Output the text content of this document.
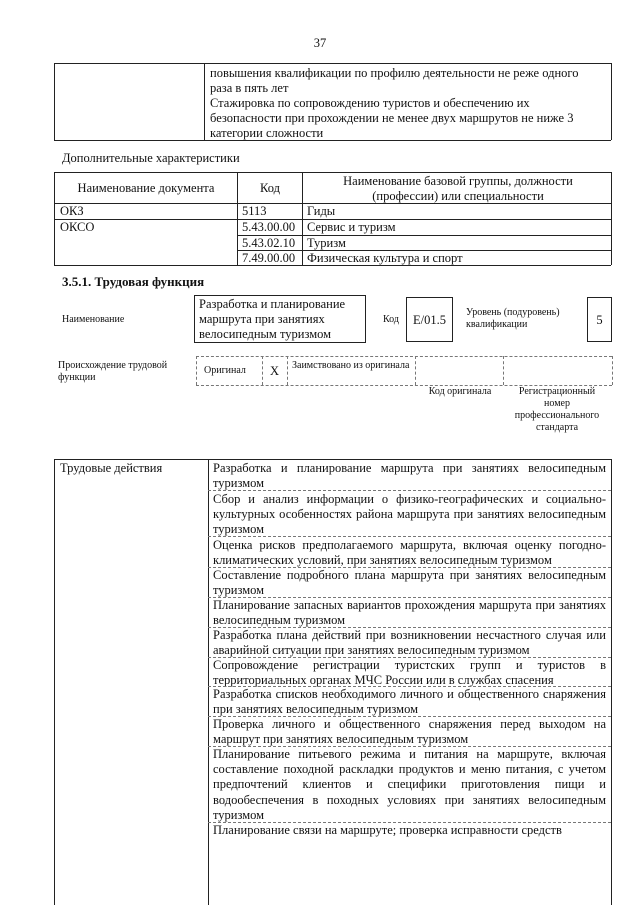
37
повышения квалификации по профилю деятельности не реже одного
раза в пять лет
Стажировка по сопровождению туристов и обеспечению их
безопасности при прохождении не менее двух маршрутов не ниже 3
категории сложности
Дополнительные характеристики
Наименование документа	Код	Наименование базовой группы, должности (профессии) или специальности
ОКЗ	5113	Гиды
ОКСО	5.43.00.00 Сервис и туризм
5.43.02.10 Туризм
7.49.00.00 Физическая культура и спорт
3.5.1. Трудовая функция
Наименование
Разработка и планирование маршрута при занятиях велосипедным туризмом
Код	E/01.5
Уровень (подуровень) квалификации	5
Происхождение трудовой функции
Оригинал X Заимствовано из оригинала
Код оригинала	Регистрационный номер профессионального стандарта
Трудовые действия	Разработка и планирование маршрута при занятиях велосипедным туризмом
Сбор и анализ информации о физико-географических и социально-культурных особенностях района маршрута при занятиях велосипедным туризмом
Оценка рисков предполагаемого маршрута, включая оценку погодно-климатических условий, при занятиях велосипедным туризмом
Составление подробного плана маршрута при занятиях велосипедным туризмом
Планирование запасных вариантов прохождения маршрута при занятиях велосипедным туризмом
Разработка плана действий при возникновении несчастного случая или аварийной ситуации при занятиях велосипедным туризмом
Сопровождение регистрации туристских групп и туристов в территориальных органах МЧС России или в службах спасения
Разработка списков необходимого личного и общественного снаряжения при занятиях велосипедным туризмом
Проверка личного и общественного снаряжения перед выходом на маршрут при занятиях велосипедным туризмом
Планирование питьевого режима и питания на маршруте, включая составление походной раскладки продуктов и меню питания, с учетом предпочтений клиентов и специфики приготовления пищи и водообеспечения в походных условиях при занятиях велосипедным туризмом
Планирование связи на маршруте; проверка исправности средств
